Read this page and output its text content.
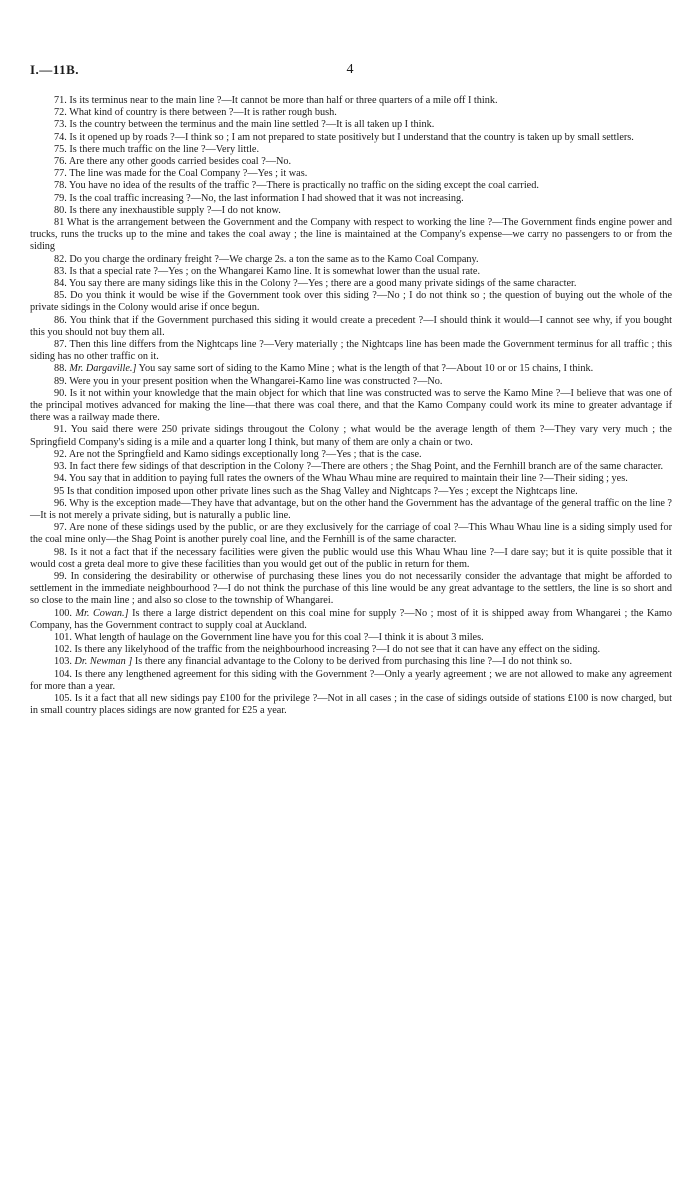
I.—11B.	4

71. Is its terminus near to the main line ?—It cannot be more than half or three quarters of a mile off I think.

72. What kind of country is there between ?—It is rather rough bush.

73. Is the country between the terminus and the main line settled ?—It is all taken up I think.

74. Is it opened up by roads ?—I think so ; I am not prepared to state positively but I understand that the country is taken up by small settlers.

75. Is there much traffic on the line ?—Very little.

76. Are there any other goods carried besides coal ?—No.

77. The line was made for the Coal Company ?—Yes ; it was.

78. You have no idea of the results of the traffic ?—There is practically no traffic on the siding except the coal carried.

79. Is the coal traffic increasing ?—No, the last information I had showed that it was not increasing.

80. Is there any inexhaustible supply ?—I do not know.

81 What is the arrangement between the Government and the Company with respect to working the line ?—The Government finds engine power and trucks, runs the trucks up to the mine and takes the coal away ; the line is maintained at the Company's expense—we carry no passengers to or from the siding

82. Do you charge the ordinary freight ?—We charge 2s. a ton the same as to the Kamo Coal Company.

83. Is that a special rate ?—Yes ; on the Whangarei Kamo line. It is somewhat lower than the usual rate.

84. You say there are many sidings like this in the Colony ?—Yes ; there are a good many private sidings of the same character.

85. Do you think it would be wise if the Government took over this siding ?—No ; I do not think so ; the question of buying out the whole of the private sidings in the Colony would arise if once begun.

86. You think that if the Government purchased this siding it would create a precedent ?—I should think it would—I cannot see why, if you bought this you should not buy them all.

87. Then this line differs from the Nightcaps line ?—Very materially ; the Nightcaps line has been made the Government terminus for all traffic ; this siding has no other traffic on it.

88. Mr. Dargaville.] You say same sort of siding to the Kamo Mine ; what is the length of that ?—About 10 or or 15 chains, I think.

89. Were you in your present position when the Whangarei-Kamo line was constructed ?—No.

90. Is it not within your knowledge that the main object for which that line was constructed was to serve the Kamo Mine ?—I believe that was one of the principal motives advanced for making the line—that there was coal there, and that the Kamo Company could work its mine to greater advantage if there was a railway made there.

91. You said there were 250 private sidings througout the Colony ; what would be the average length of them ?—They vary very much ; the Springfield Company's siding is a mile and a quarter long I think, but many of them are only a chain or two.

92. Are not the Springfield and Kamo sidings exceptionally long ?—Yes ; that is the case.

93. In fact there few sidings of that description in the Colony ?—There are others ; the Shag Point, and the Fernhill branch are of the same character.

94. You say that in addition to paying full rates the owners of the Whau Whau mine are required to maintain their line ?—Their siding ; yes.

95 Is that condition imposed upon other private lines such as the Shag Valley and Nightcaps ?—Yes ; except the Nightcaps line.

96. Why is the exception made—They have that advantage, but on the other hand the Government has the advantage of the general traffic on the line ?—It is not merely a private siding, but is naturally a public line.

97. Are none of these sidings used by the public, or are they exclusively for the carriage of coal ?—This Whau Whau line is a siding simply used for the coal mine only—the Shag Point is another purely coal line, and the Fernhill is of the same character.

98. Is it not a fact that if the necessary facilities were given the public would use this Whau Whau line ?—I dare say; but it is quite possible that it would cost a greta deal more to give these facilities than you would get out of the public in return for them.

99. In considering the desirability or otherwise of purchasing these lines you do not necessarily consider the advantage that might be afforded to settlement in the immediate neighbourhood ?—I do not think the purchase of this line would be any great advantage to the settlers, the line is so short and so close to the main line ; and also so close to the township of Whangarei.

100. Mr. Cowan.] Is there a large district dependent on this coal mine for supply ?—No ; most of it is shipped away from Whangarei ; the Kamo Company, has the Government contract to supply coal at Auckland.

101. What length of haulage on the Government line have you for this coal ?—I think it is about 3 miles.

102. Is there any likelyhood of the traffic from the neighbourhood increasing ?—I do not see that it can have any effect on the siding.

103. Dr. Newman ] Is there any financial advantage to the Colony to be derived from purchasing this line ?—I do not think so.

104. Is there any lengthened agreement for this siding with the Government ?—Only a yearly agreement ; we are not allowed to make any agreement for more than a year.

105. Is it a fact that all new sidings pay £100 for the privilege ?—Not in all cases ; in the case of sidings outside of stations £100 is now charged, but in small country places sidings are now granted for £25 a year.
